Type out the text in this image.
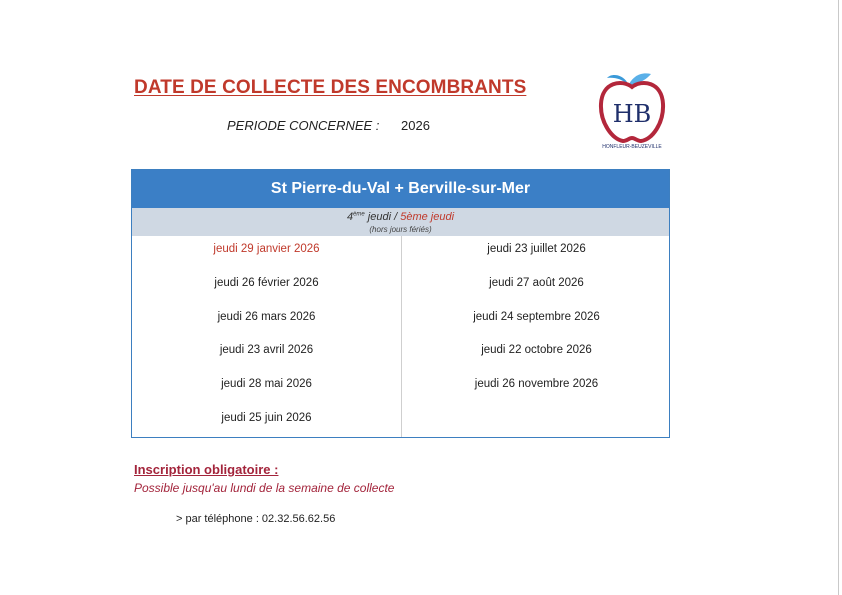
DATE DE COLLECTE DES ENCOMBRANTS
PERIODE CONCERNEE : 2026	HB
HONFLEUR-BEUZEVILLE
St Pierre-du-Val + Berville-sur-Mer
4ème jeudi / 5ème jeudi
(hors jours fériés)
jeudi 29 janvier 2026
jeudi 26 février 2026
jeudi 26 mars 2026
jeudi 23 avril 2026
jeudi 28 mai 2026
jeudi 25 juin 2026
jeudi 23 juillet 2026
jeudi 27 août 2026
jeudi 24 septembre 2026
jeudi 22 octobre 2026
jeudi 26 novembre 2026
Inscription obligatoire :
Possible jusqu'au lundi de la semaine de collecte
> par téléphone : 02.32.56.62.56
